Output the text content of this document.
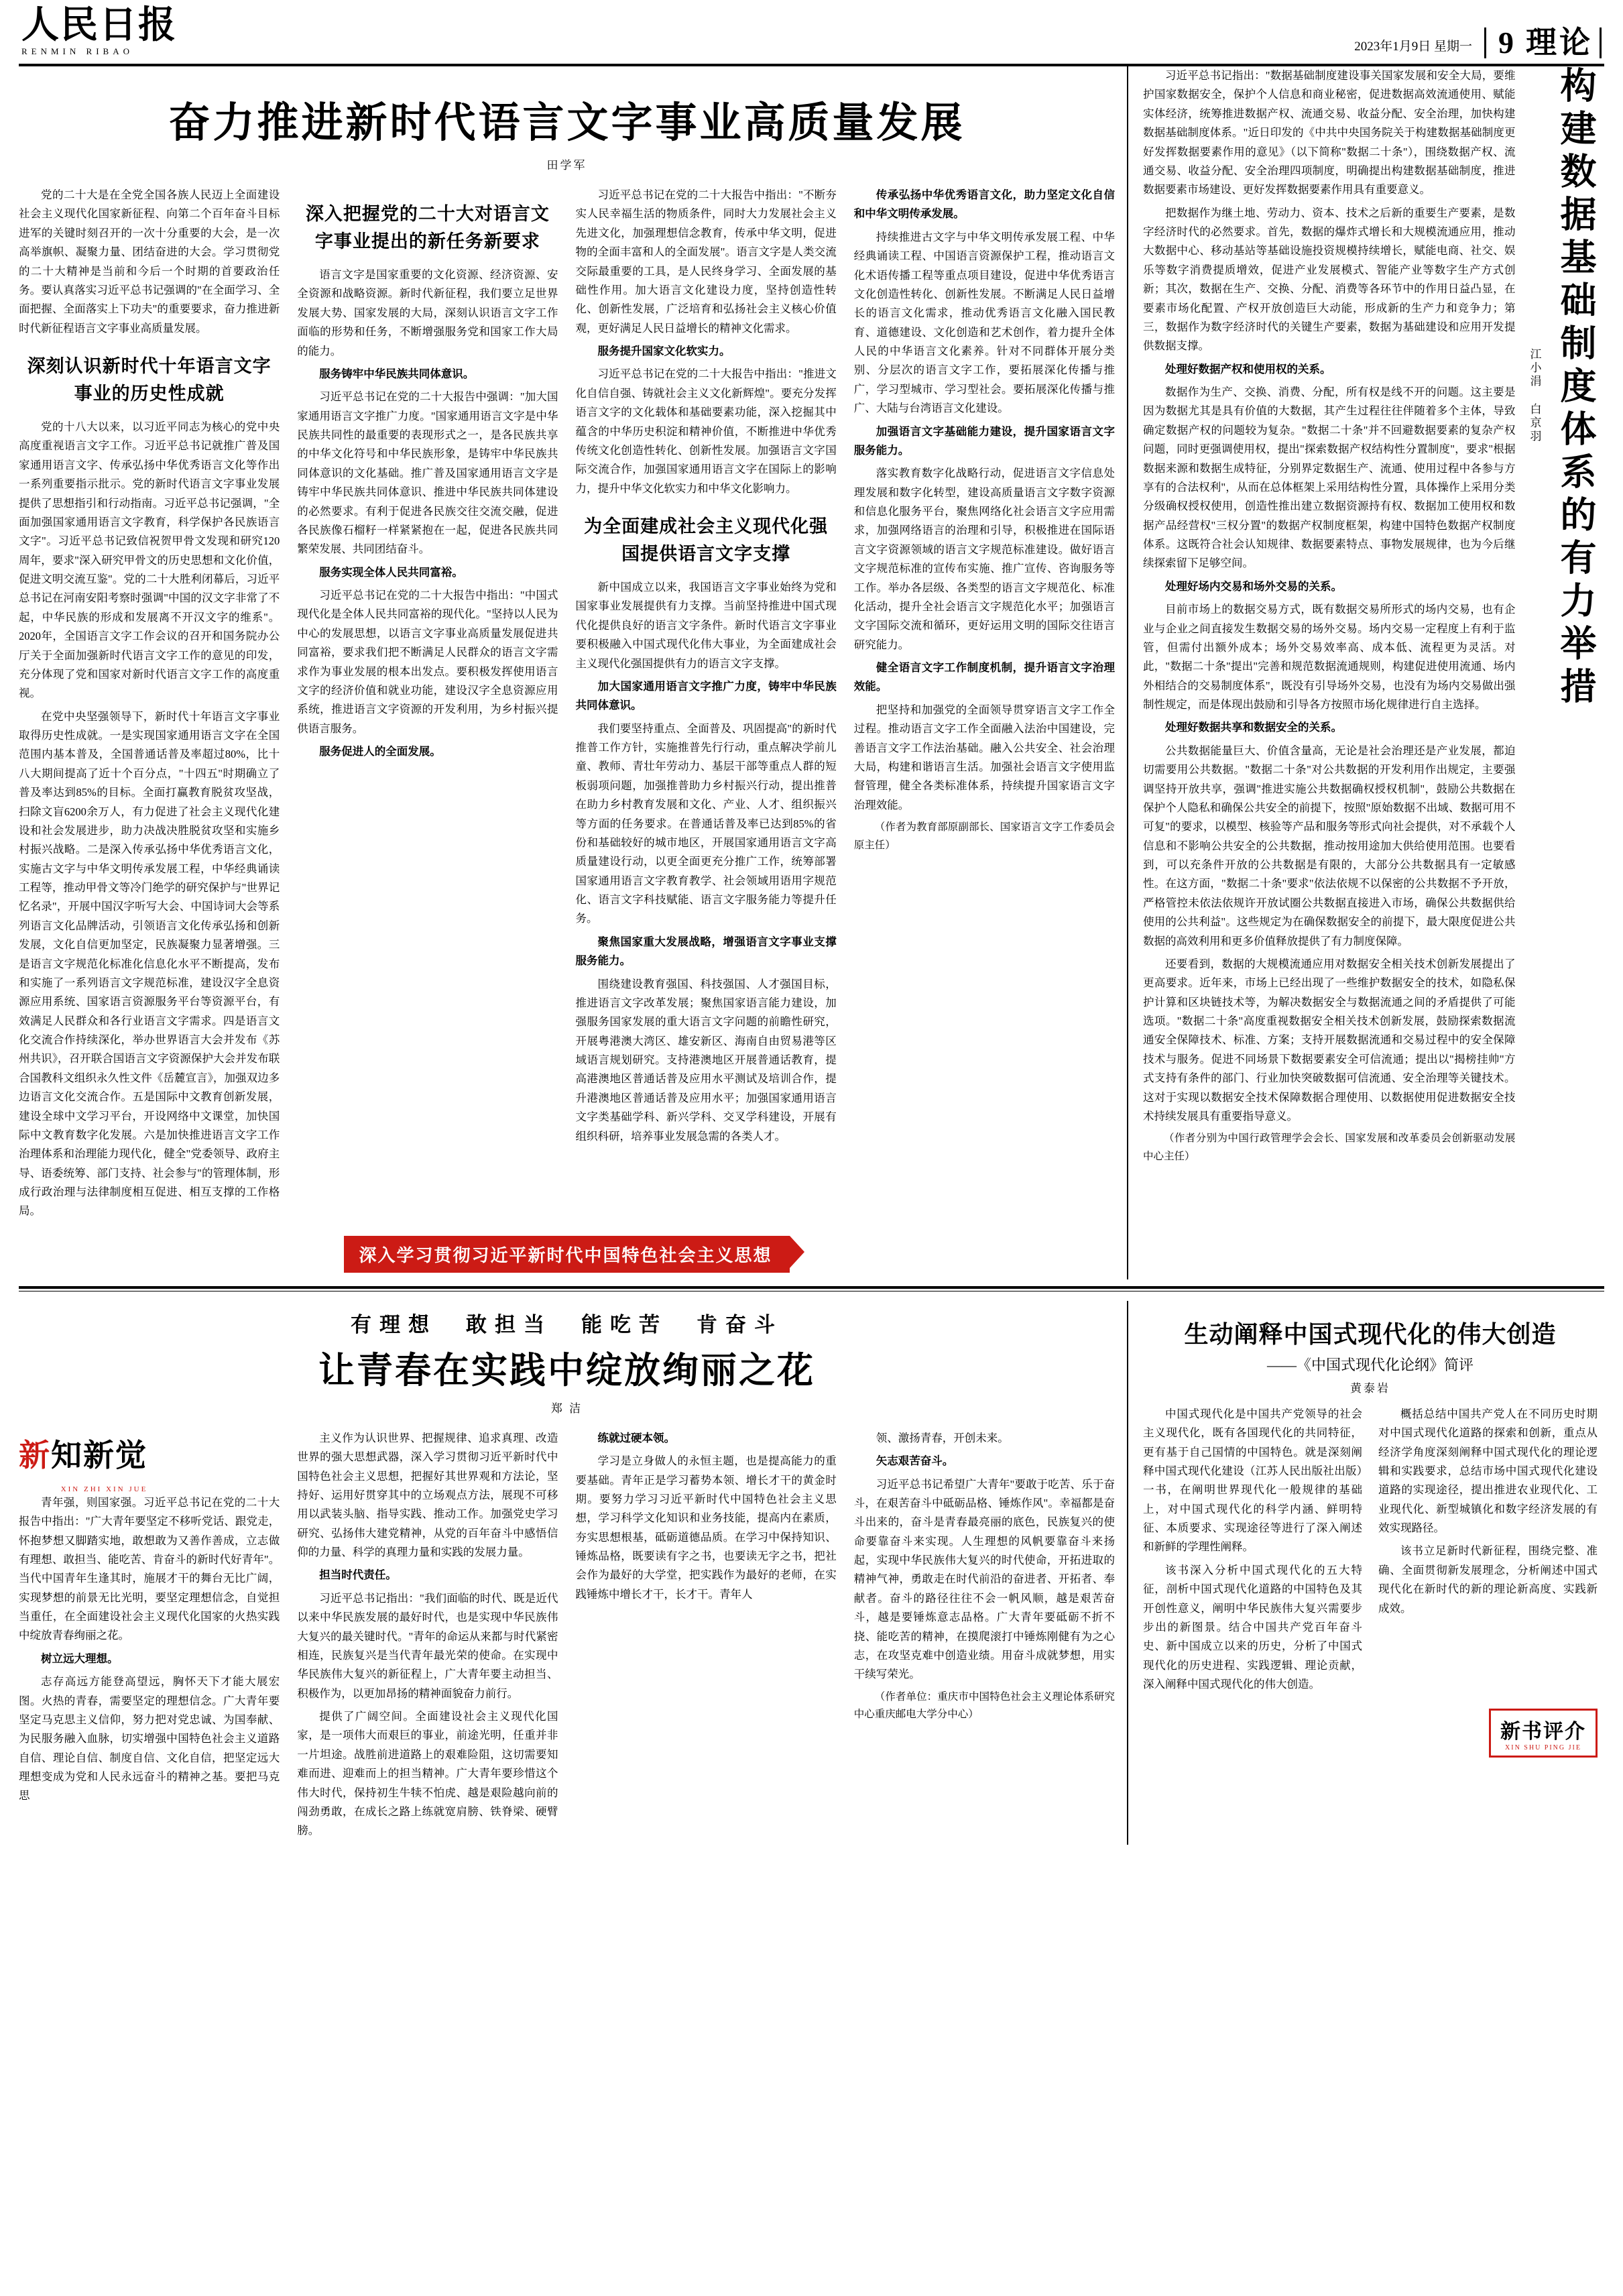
人民日报
RENMIN RIBAO	2023年1月9日 星期一 9 理论
奋力推进新时代语言文字事业高质量发展
田学军

党的二十大是在全党全国各族人民迈上全面建设社会主义现代化国家新征程、向第二个百年奋斗目标进军的关键时刻召开的一次十分重要的大会，是一次高举旗帜、凝聚力量、团结奋进的大会。学习贯彻党的二十大精神是当前和今后一个时期的首要政治任务。要认真落实习近平总书记强调的"在全面学习、全面把握、全面落实上下功夫"的重要要求，奋力推进新时代新征程语言文字事业高质量发展。

深刻认识新时代十年语言文字事业的历史性成就

党的十八大以来，以习近平同志为核心的党中央高度重视语言文字工作。习近平总书记就推广普及国家通用语言文字、传承弘扬中华优秀语言文化等作出一系列重要指示批示。党的新时代语言文字事业发展提供了思想指引和行动指南。习近平总书记强调，"全面加强国家通用语言文字教育，科学保护各民族语言文字"。习近平总书记致信祝贺甲骨文发现和研究120周年，要求"深入研究甲骨文的历史思想和文化价值，促进文明交流互鉴"。党的二十大胜利闭幕后，习近平总书记在河南安阳考察时强调"中国的汉文字非常了不起，中华民族的形成和发展离不开汉文字的维系"。2020年，全国语言文字工作会议的召开和国务院办公厅关于全面加强新时代语言文字工作的意见的印发，充分体现了党和国家对新时代语言文字工作的高度重视。

在党中央坚强领导下，新时代十年语言文字事业取得历史性成就。一是实现国家通用语言文字在全国范围内基本普及，全国普通话普及率超过80%，比十八大期间提高了近十个百分点，"十四五"时期确立了普及率达到85%的目标。全面打赢教育脱贫攻坚战，扫除文盲6200余万人，有力促进了社会主义现代化建设和社会发展进步，助力决战决胜脱贫攻坚和实施乡村振兴战略。二是深入传承弘扬中华优秀语言文化，实施古文字与中华文明传承发展工程，中华经典诵读工程等，推动甲骨文等冷门绝学的研究保护与"世界记忆名录"，开展中国汉字听写大会、中国诗词大会等系列语言文化品牌活动，引领语言文化传承弘扬和创新发展，文化自信更加坚定，民族凝聚力显著增强。三是语言文字规范化标准化信息化水平不断提高，发布和实施了一系列语言文字规范标准，建设汉字全息资源应用系统、国家语言资源服务平台等资源平台，有效满足人民群众和各行业语言文字需求。四是语言文化交流合作持续深化，举办世界语言大会并发布《苏州共识》，召开联合国语言文字资源保护大会并发布联合国教科文组织永久性文件《岳麓宣言》，加强双边多边语言文化交流合作。五是国际中文教育创新发展，建设全球中文学习平台，开设网络中文课堂，加快国际中文教育数字化发展。六是加快推进语言文字工作治理体系和治理能力现代化，健全"党委领导、政府主导、语委统筹、部门支持、社会参与"的管理体制，形成行政治理与法律制度相互促进、相互支撑的工作格局。

深入把握党的二十大对语言文字事业提出的新任务新要求

语言文字是国家重要的文化资源、经济资源、安全资源和战略资源。新时代新征程，我们要立足世界发展大势、国家发展的大局，深刻认识语言文字工作面临的形势和任务，不断增强服务党和国家工作大局的能力。

服务铸牢中华民族共同体意识。

习近平总书记在党的二十大报告中强调："加大国家通用语言文字推广力度。"国家通用语言文字是中华民族共同性的最重要的表现形式之一，是各民族共享的中华文化符号和中华民族形象，是铸牢中华民族共同体意识的文化基础。推广普及国家通用语言文字是铸牢中华民族共同体意识、推进中华民族共同体建设的必然要求。有利于促进各民族交往交流交融，促进各民族像石榴籽一样紧紧抱在一起，促进各民族共同繁荣发展、共同团结奋斗。

服务实现全体人民共同富裕。

习近平总书记在党的二十大报告中指出："中国式现代化是全体人民共同富裕的现代化。"坚持以人民为中心的发展思想，以语言文字事业高质量发展促进共同富裕，要求我们把不断满足人民群众的语言文字需求作为事业发展的根本出发点。要积极发挥使用语言文字的经济价值和就业功能，建设汉字全息资源应用系统，推进语言文字资源的开发利用，为乡村振兴提供语言服务。

服务促进人的全面发展。

习近平总书记在党的二十大报告中指出："不断夯实人民幸福生活的物质条件，同时大力发展社会主义先进文化，加强理想信念教育，传承中华文明，促进物的全面丰富和人的全面发展"。语言文字是人类交流交际最重要的工具，是人民终身学习、全面发展的基础性作用。加大语言文化建设力度，坚持创造性转化、创新性发展，广泛培育和弘扬社会主义核心价值观，更好满足人民日益增长的精神文化需求。

服务提升国家文化软实力。

习近平总书记在党的二十大报告中指出："推进文化自信自强、铸就社会主义文化新辉煌"。要充分发挥语言文字的文化载体和基础要素功能，深入挖掘其中蕴含的中华历史积淀和精神价值，不断推进中华优秀传统文化创造性转化、创新性发展。加强语言文字国际交流合作，加强国家通用语言文字在国际上的影响力，提升中华文化软实力和中华文化影响力。

为全面建成社会主义现代化强国提供语言文字支撑

新中国成立以来，我国语言文字事业始终为党和国家事业发展提供有力支撑。当前坚持推进中国式现代化提供良好的语言文字条件。新时代语言文字事业要积极融入中国式现代化伟大事业，为全面建成社会主义现代化强国提供有力的语言文字支撑。

加大国家通用语言文字推广力度，铸牢中华民族共同体意识。

我们要坚持重点、全面普及、巩固提高"的新时代推普工作方针，实施推普先行行动，重点解决学前儿童、教师、青壮年劳动力、基层干部等重点人群的短板弱项问题，加强推普助力乡村振兴行动，提出推普在助力乡村教育发展和文化、产业、人才、组织振兴等方面的任务要求。在普通话普及率已达到85%的省份和基础较好的城市地区，开展国家通用语言文字高质量建设行动，以更全面更充分推广工作，统筹部署国家通用语言文字教育教学、社会领域用语用字规范化、语言文字科技赋能、语言文字服务能力等提升任务。

聚焦国家重大发展战略，增强语言文字事业支撑服务能力。

围绕建设教育强国、科技强国、人才强国目标，推进语言文字改革发展；聚焦国家语言能力建设，加强服务国家发展的重大语言文字问题的前瞻性研究，开展粤港澳大湾区、雄安新区、海南自由贸易港等区域语言规划研究。支持港澳地区开展普通话教育，提高港澳地区普通话普及应用水平测试及培训合作，提升港澳地区普通话普及应用水平；加强国家通用语言文字类基础学科、新兴学科、交叉学科建设，开展有组织科研，培养事业发展急需的各类人才。

传承弘扬中华优秀语言文化，助力坚定文化自信和中华文明传承发展。

持续推进古文字与中华文明传承发展工程、中华经典诵读工程、中国语言资源保护工程，推动语言文化术语传播工程等重点项目建设，促进中华优秀语言文化创造性转化、创新性发展。不断满足人民日益增长的语言文化需求，推动优秀语言文化融入国民教育、道德建设、文化创造和艺术创作，着力提升全体人民的中华语言文化素养。针对不同群体开展分类别、分层次的语言文字工作，要拓展深化传播与推广，学习型城市、学习型社会。要拓展深化传播与推广、大陆与台湾语言文化建设。

加强语言文字基础能力建设，提升国家语言文字服务能力。

落实教育数字化战略行动，促进语言文字信息处理发展和数字化转型，建设高质量语言文字数字资源和信息化服务平台，聚焦网络化社会语言文字应用需求，加强网络语言的治理和引导，积极推进在国际语言文字资源领域的语言文字规范标准建设。做好语言文字规范标准的宣传布实施、推广宣传、咨询服务等工作。举办各层级、各类型的语言文字规范化、标准化活动，提升全社会语言文字规范化水平；加强语言文字国际交流和循环，更好运用文明的国际交往语言研究能力。

健全语言文字工作制度机制，提升语言文字治理效能。

把坚持和加强党的全面领导贯穿语言文字工作全过程。推动语言文字工作全面融入法治中国建设，完善语言文字工作法治基础。融入公共安全、社会治理大局，构建和谐语言生活。加强社会语言文字使用监督管理，健全各类标准体系，持续提升国家语言文字治理效能。

（作者为教育部原副部长、国家语言文字工作委员会原主任）

深入学习贯彻习近平新时代中国特色社会主义思想

习近平总书记指出："数据基础制度建设事关国家发展和安全大局，要维护国家数据安全，保护个人信息和商业秘密，促进数据高效流通使用、赋能实体经济，统筹推进数据产权、流通交易、收益分配、安全治理，加快构建数据基础制度体系。"近日印发的《中共中央国务院关于构建数据基础制度更好发挥数据要素作用的意见》（以下简称"数据二十条"），围绕数据产权、流通交易、收益分配、安全治理四项制度，明确提出构建数据基础制度，推进数据要素市场建设、更好发挥数据要素作用具有重要意义。

把数据作为继土地、劳动力、资本、技术之后新的重要生产要素，是数字经济时代的必然要求。首先，数据的爆炸式增长和大规模流通应用，推动大数据中心、移动基站等基础设施投资规模持续增长，赋能电商、社交、娱乐等数字消费提质增效，促进产业发展模式、智能产业等数字生产方式创新；其次，数据在生产、交换、分配、消费等各环节中的作用日益凸显，在要素市场化配置、产权开放创造巨大动能，形成新的生产力和竞争力；第三，数据作为数字经济时代的关键生产要素，数据为基础建设和应用开发提供数据支撑。

处理好数据产权和使用权的关系。

数据作为生产、交换、消费、分配，所有权是线不开的问题。这主要是因为数据尤其是具有价值的大数据，其产生过程往往伴随着多个主体，导致确定数据产权的问题较为复杂。"数据二十条"并不回避数据要素的复杂产权问题，同时更强调使用权，提出"探索数据产权结构性分置制度"，要求"根据数据来源和数据生成特征，分别界定数据生产、流通、使用过程中各参与方享有的合法权利"，从而在总体框架上采用结构性分置，具体操作上采用分类分级确权授权使用，创造性推出建立数据资源持有权、数据加工使用权和数据产品经营权"三权分置"的数据产权制度框架，构建中国特色数据产权制度体系。这既符合社会认知规律、数据要素特点、事物发展规律，也为今后继续探索留下足够空间。

处理好场内交易和场外交易的关系。

目前市场上的数据交易方式，既有数据交易所形式的场内交易，也有企业与企业之间直接发生数据交易的场外交易。场内交易一定程度上有利于监管，但需付出额外成本；场外交易效率高、成本低、流程更为灵活。对此，"数据二十条"提出"完善和规范数据流通规则，构建促进使用流通、场内外相结合的交易制度体系"，既没有引导场外交易，也没有为场内交易做出强制性规定，而是体现出鼓励和引导各方按照市场化规律进行自主选择。

处理好数据共享和数据安全的关系。

公共数据能量巨大、价值含量高，无论是社会治理还是产业发展，都迫切需要用公共数据。"数据二十条"对公共数据的开发利用作出规定，主要强调坚持开放共享，强调"推进实施公共数据确权授权机制"，鼓励公共数据在保护个人隐私和确保公共安全的前提下，按照"原始数据不出域、数据可用不可复"的要求，以模型、核验等产品和服务等形式向社会提供，对不承载个人信息和不影响公共安全的公共数据，推动按用途加大供给使用范围。也要看到，可以充条件开放的公共数据是有限的，大部分公共数据具有一定敏感性。在这方面，"数据二十条"要求"依法依规不以保密的公共数据不予开放，严格管控未依法依规许开放试圈公共数据直接进入市场，确保公共数据供给使用的公共利益"。这些规定为在确保数据安全的前提下，最大限度促进公共数据的高效利用和更多价值释放提供了有力制度保障。

还要看到，数据的大规模流通应用对数据安全相关技术创新发展提出了更高要求。近年来，市场上已经出现了一些维护数据安全的技术，如隐私保护计算和区块链技术等，为解决数据安全与数据流通之间的矛盾提供了可能选项。"数据二十条"高度重视数据安全相关技术创新发展，鼓励探索数据流通安全保障技术、标准、方案；支持开展数据流通和交易过程中的安全保障技术与服务。促进不同场景下数据要素安全可信流通；提出以"揭榜挂帅"方式支持有条件的部门、行业加快突破数据可信流通、安全治理等关键技术。这对于实现以数据安全技术保障数据合理使用、以数据使用促进数据安全技术持续发展具有重要指导意义。

（作者分别为中国行政管理学会会长、国家发展和改革委员会创新驱动发展中心主任）

江小涓 白京羽 构建数据基础制度体系的有力举措
有理想　敢担当　能吃苦　肯奋斗
让青春在实践中绽放绚丽之花
郑 洁
新知新觉
XIN ZHI XIN JUE

青年强，则国家强。习近平总书记在党的二十大报告中指出："广大青年要坚定不移听党话、跟党走，怀抱梦想又脚踏实地，敢想敢为又善作善成，立志做有理想、敢担当、能吃苦、肯奋斗的新时代好青年"。当代中国青年生逢其时，施展才干的舞台无比广阔，实现梦想的前景无比光明，要坚定理想信念，自觉担当重任，在全面建设社会主义现代化国家的火热实践中绽放青春绚丽之花。

树立远大理想。

志存高远方能登高望远，胸怀天下才能大展宏图。火热的青春，需要坚定的理想信念。广大青年要坚定马克思主义信仰，努力把对党忠诚、为国奉献、为民服务融入血脉，切实增强中国特色社会主义道路自信、理论自信、制度自信、文化自信，把坚定远大理想变成为党和人民永远奋斗的精神之基。要把马克思

主义作为认识世界、把握规律、追求真理、改造世界的强大思想武器，深入学习贯彻习近平新时代中国特色社会主义思想，把握好其世界观和方法论，坚持好、运用好贯穿其中的立场观点方法，展现不可移用以武装头脑、指导实践、推动工作。加强党史学习研究、弘扬伟大建党精神，从党的百年奋斗中感悟信仰的力量、科学的真理力量和实践的发展力量。

担当时代责任。

习近平总书记指出："我们面临的时代、既是近代以来中华民族发展的最好时代，也是实现中华民族伟大复兴的最关键时代。"青年的命运从来都与时代紧密相连，民族复兴是当代青年最光荣的使命。在实现中华民族伟大复兴的新征程上，广大青年要主动担当、积极作为，以更加昂扬的精神面貌奋力前行。

提供了广阔空间。全面建设社会主义现代化国家，是一项伟大而艰巨的事业，前途光明，任重并非一片坦途。战胜前进道路上的艰难险阻，这切需要知难而进、迎难而上的担当精神。广大青年要珍惜这个伟大时代，保持初生牛犊不怕虎、越是艰险越向前的闯劲勇敢，在成长之路上练就宽肩膀、铁脊梁、硬臂膀。

练就过硬本领。

学习是立身做人的永恒主题，也是提高能力的重要基础。青年正是学习蓄势本领、增长才干的黄金时期。要努力学习习近平新时代中国特色社会主义思想，学习科学文化知识和业务技能，提高内在素质，夯实思想根基，砥砺道德品质。在学习中保持知识、锤炼品格，既要读有字之书，也要读无字之书，把社会作为最好的大学堂，把实践作为最好的老师，在实践锤炼中增长才干，长才干。青年人

领、激扬青春，开创未来。

矢志艰苦奋斗。

习近平总书记希望广大青年"要敢于吃苦、乐于奋斗，在艰苦奋斗中砥砺品格、锤炼作风"。幸福都是奋斗出来的，奋斗是青春最亮丽的底色，民族复兴的使命要靠奋斗来实现。人生理想的风帆要靠奋斗来扬起，实现中华民族伟大复兴的时代使命，开拓进取的精神气神，勇敢走在时代前沿的奋进者、开拓者、奉献者。奋斗的路径往往不会一帆风顺，越是艰苦奋斗，越是要锤炼意志品格。广大青年要砥砺不折不挠、能吃苦的精神，在摸爬滚打中锤炼刚健有为之心志，在攻坚克难中创造业绩。用奋斗成就梦想，用实干续写荣光。

（作者单位：重庆市中国特色社会主义理论体系研究中心重庆邮电大学分中心）

生动阐释中国式现代化的伟大创造
——《中国式现代化论纲》简评
黄泰岩

中国式现代化是中国共产党领导的社会主义现代化，既有各国现代化的共同特征，更有基于自己国情的中国特色。就是深刻阐释中国式现代化建设（江苏人民出版社出版）一书，在阐明世界现代化一般规律的基础上，对中国式现代化的科学内涵、鲜明特征、本质要求、实现途径等进行了深入阐述和新鲜的学理性阐释。

该书深入分析中国式现代化的五大特征，剖析中国式现代化道路的中国特色及其开创性意义，阐明中华民族伟大复兴需要步步出的新图景。结合中国共产党百年奋斗史、新中国成立以来的历史，分析了中国式现代化的历史进程、实践逻辑、理论贡献，深入阐释中国式现代化的伟大创造。

概括总结中国共产党人在不同历史时期对中国式现代化道路的探索和创新，重点从经济学角度深刻阐释中国式现代化的理论逻辑和实践要求，总结市场中国式现代化建设道路的实现途径，提出推进农业现代化、工业现代化、新型城镇化和数字经济发展的有效实现路径。

该书立足新时代新征程，围绕完整、准确、全面贯彻新发展理念，分析阐述中国式现代化在新时代的新的理论新高度、实践新成效。

新书评介
XIN SHU PING JIE
